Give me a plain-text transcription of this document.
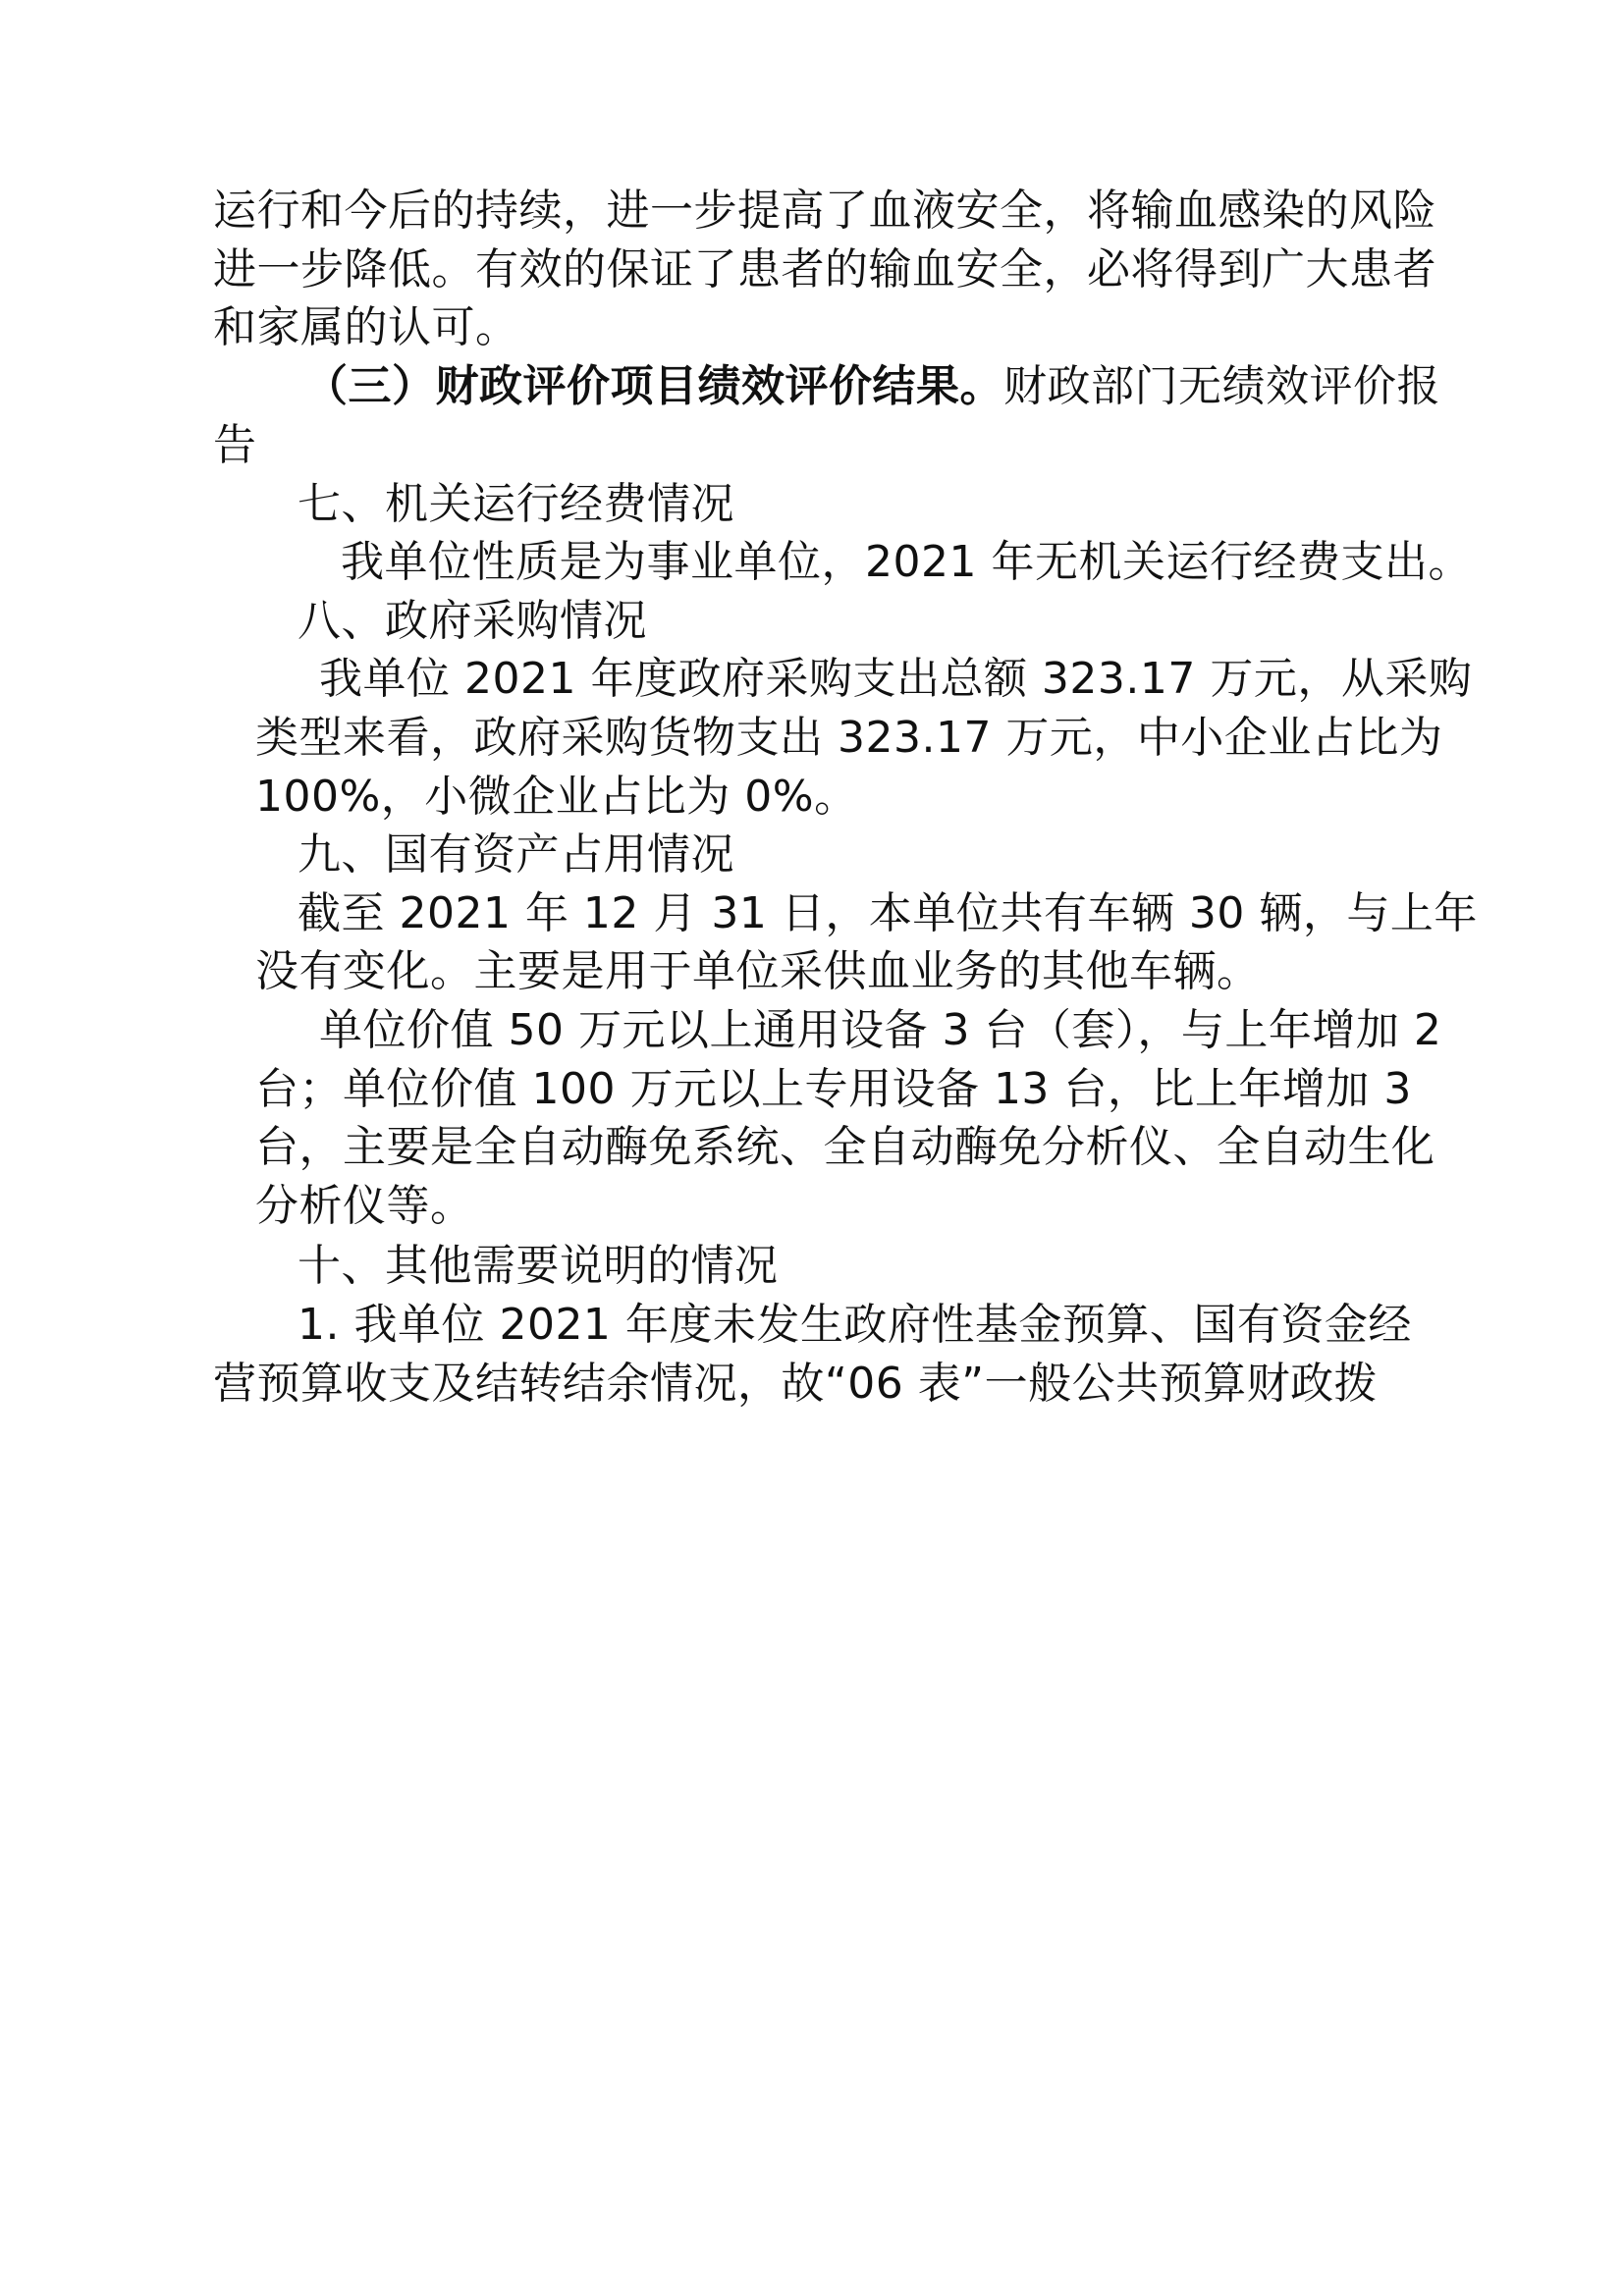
运行和今后的持续，进一步提高了血液安全，将输血感染的风险
进一步降低。有效的保证了患者的输血安全，必将得到广大患者
和家属的认可。
（三）财政评价项目绩效评价结果。财政部门无绩效评价报
告
七、机关运行经费情况
我单位性质是为事业单位，2021 年无机关运行经费支出。
八、政府采购情况
我单位 2021 年度政府采购支出总额 323.17 万元，从采购
类型来看，政府采购货物支出 323.17 万元，中小企业占比为
100%，小微企业占比为 0%。
九、国有资产占用情况
截至 2021 年 12 月 31 日，本单位共有车辆 30 辆，与上年
没有变化。主要是用于单位采供血业务的其他车辆。
单位价值 50 万元以上通用设备 3 台（套），与上年增加 2
台；单位价值 100 万元以上专用设备 13 台，比上年增加 3
台，主要是全自动酶免系统、全自动酶免分析仪、全自动生化
分析仪等。
十、其他需要说明的情况
1. 我单位 2021 年度未发生政府性基金预算、国有资金经
营预算收支及结转结余情况，故“06 表”一般公共预算财政拨
